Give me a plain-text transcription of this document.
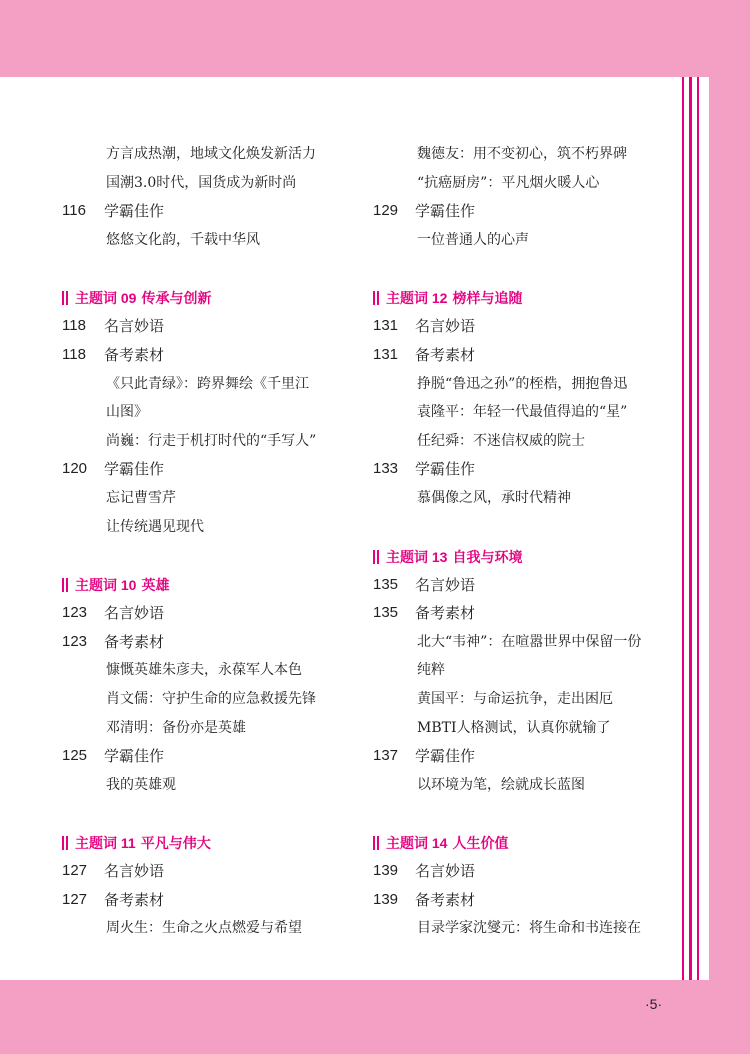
方言成热潮，地域文化焕发新活力
国潮3.0时代，国货成为新时尚
116	学霸佳作
悠悠文化韵，千载中华风
主题词 09 传承与创新
118	名言妙语
118	备考素材
《只此青绿》：跨界舞绘《千里江
山图》
尚巍：行走于机打时代的“手写人”
120	学霸佳作
忘记曹雪芹
让传统遇见现代
主题词 10 英雄
123	名言妙语
123	备考素材
慷慨英雄朱彦夫，永葆军人本色
肖文儒：守护生命的应急救援先锋
邓清明：备份亦是英雄
125	学霸佳作
我的英雄观
主题词 11 平凡与伟大
127	名言妙语
127	备考素材
周火生：生命之火点燃爱与希望
魏德友：用不变初心，筑不朽界碑
“抗癌厨房”：平凡烟火暖人心
129	学霸佳作
一位普通人的心声
主题词 12 榜样与追随
131	名言妙语
131	备考素材
挣脱“鲁迅之孙”的桎梏，拥抱鲁迅
袁隆平：年轻一代最值得追的“星”
任纪舜：不迷信权威的院士
133	学霸佳作
慕偶像之风，承时代精神
主题词 13 自我与环境
135	名言妙语
135	备考素材
北大“韦神”：在喧嚣世界中保留一份
纯粹
黄国平：与命运抗争，走出困厄
MBTI人格测试，认真你就输了
137	学霸佳作
以环境为笔，绘就成长蓝图
主题词 14 人生价值
139	名言妙语
139	备考素材
目录学家沈燮元：将生命和书连接在
·5·
